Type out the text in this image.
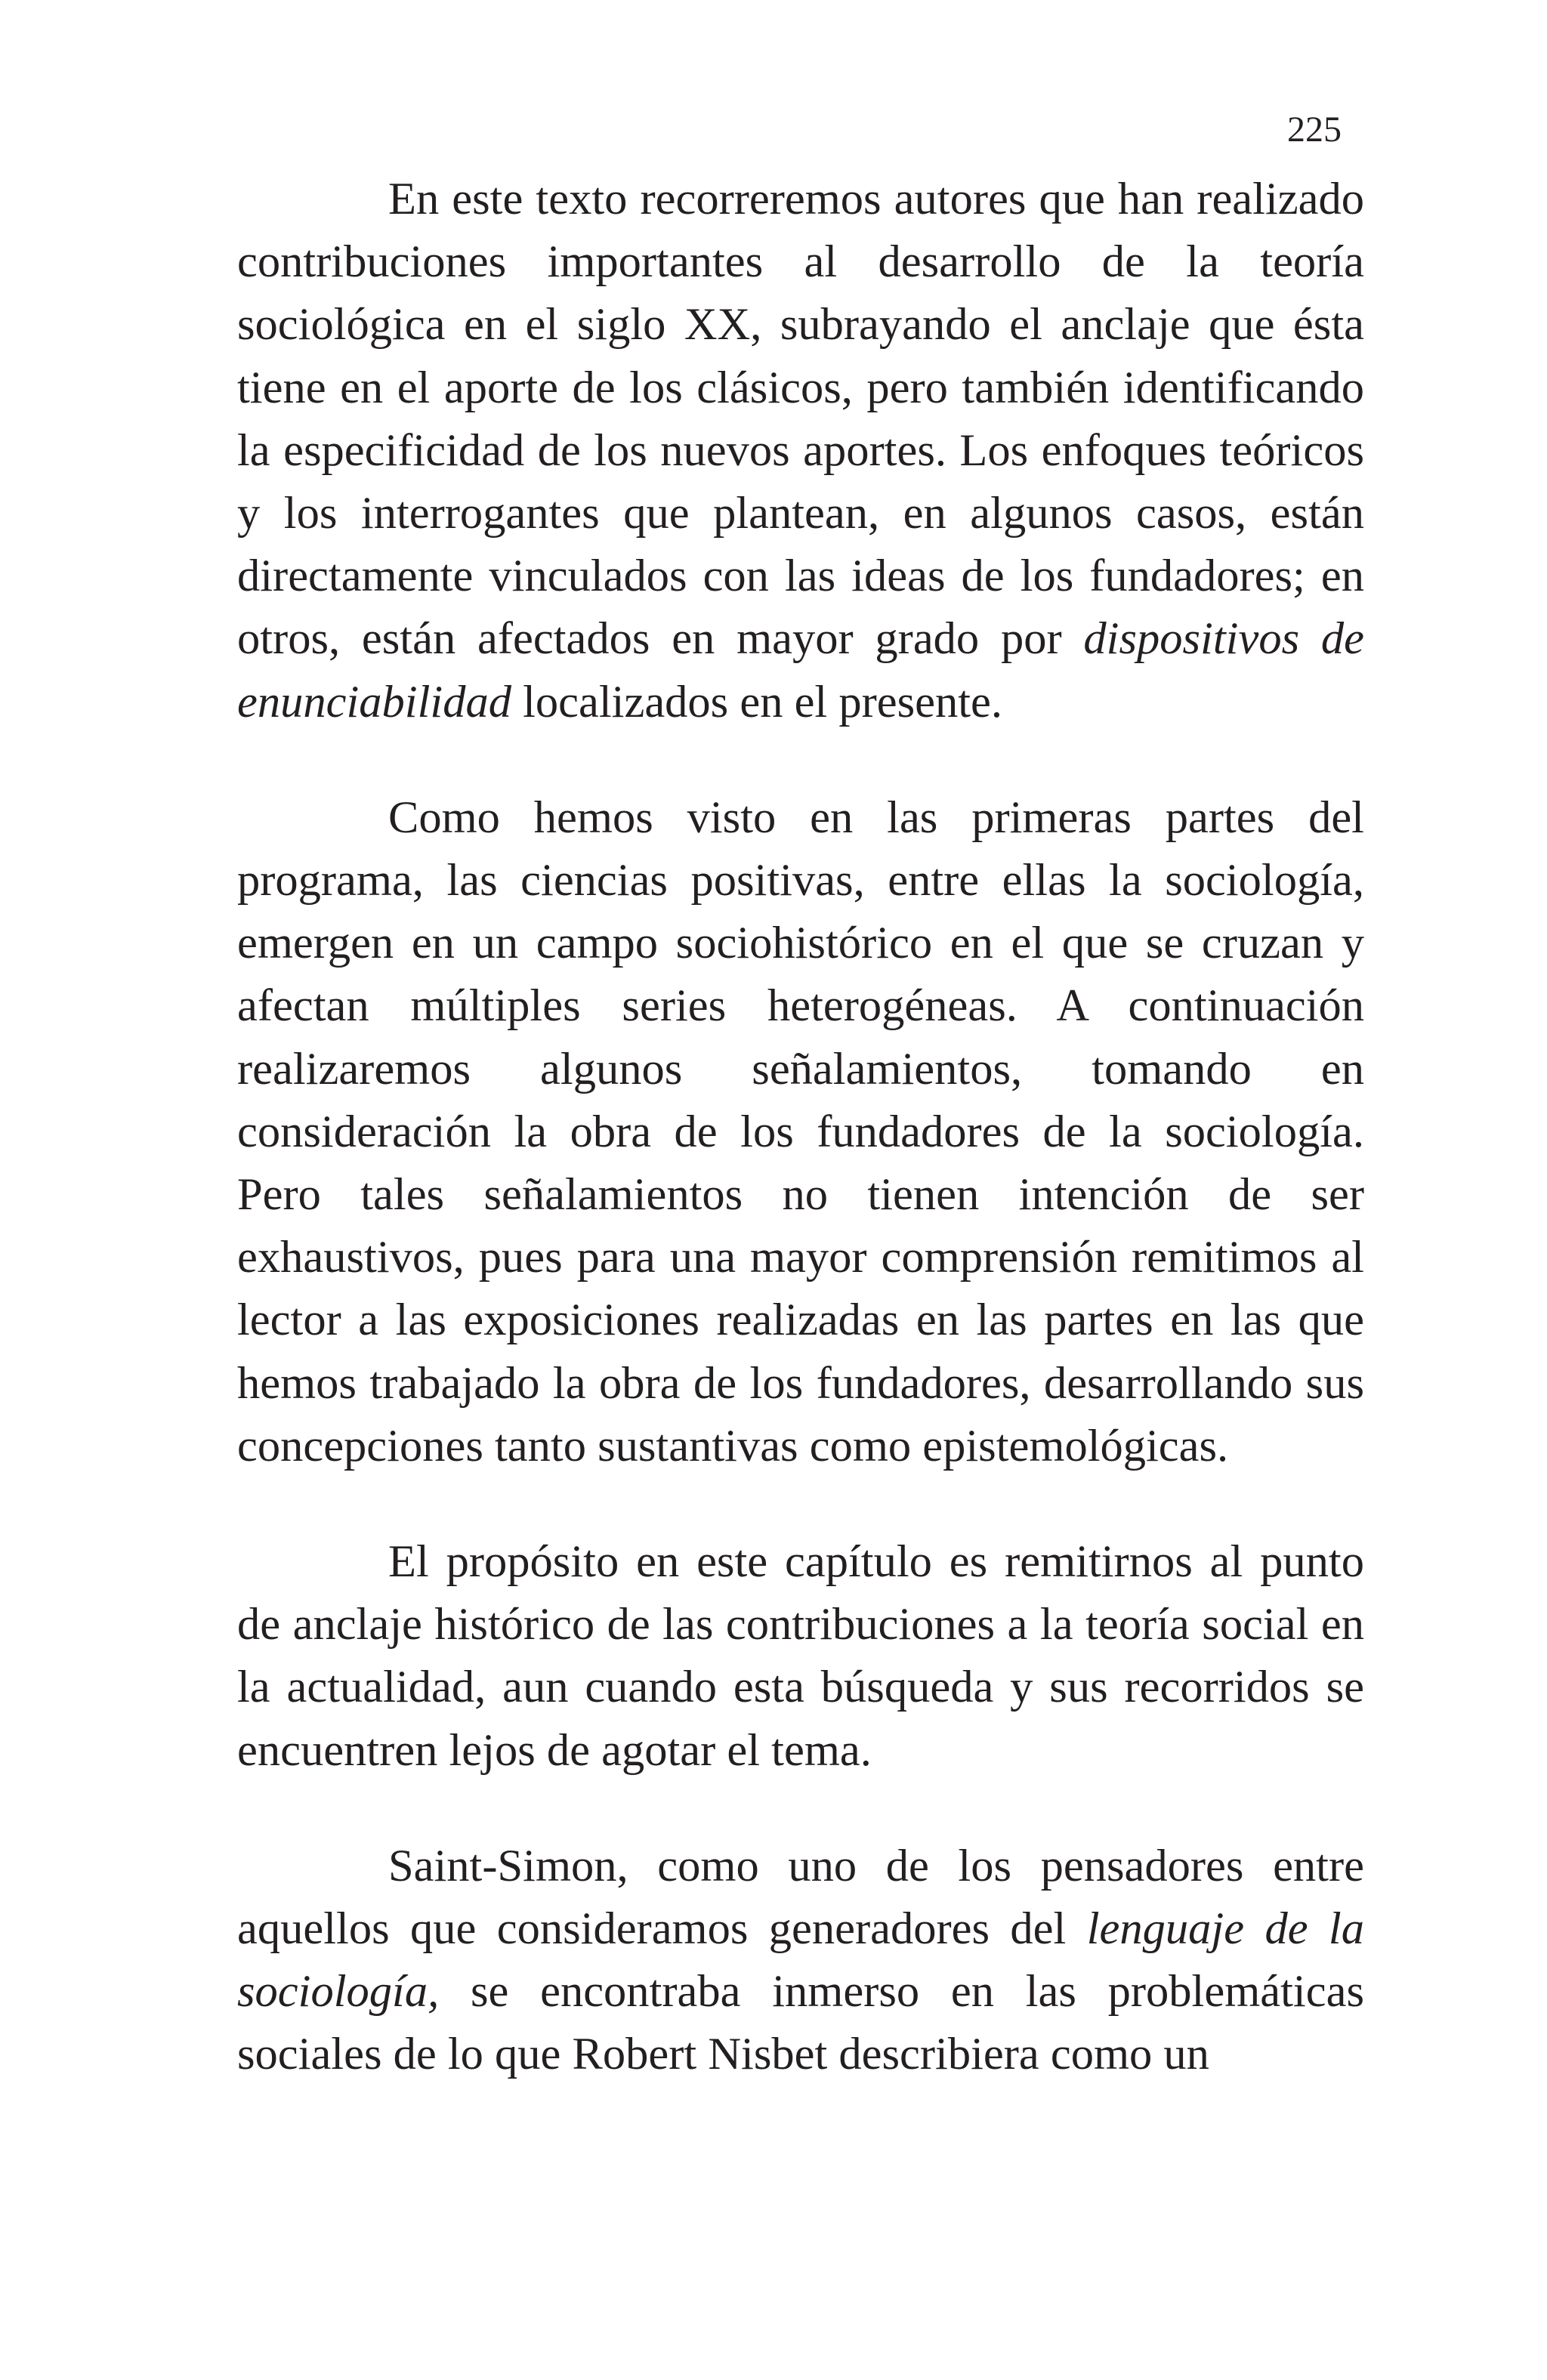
225

En este texto recorreremos autores que han realizado contribuciones importantes al desarrollo de la teoría sociológica en el siglo XX, subrayando el anclaje que ésta tiene en el aporte de los clásicos, pero también identificando la especificidad de los nuevos aportes. Los enfoques teóricos y los interrogantes que plantean, en algunos casos, están directamente vinculados con las ideas de los fundadores; en otros, están afectados en mayor grado por dispositivos de enunciabilidad localizados en el presente.

Como hemos visto en las primeras partes del programa, las ciencias positivas, entre ellas la sociología, emergen en un campo sociohistórico en el que se cruzan y afectan múltiples series heterogéneas. A continuación realizaremos algunos señalamientos, tomando en consideración la obra de los fundadores de la sociología. Pero tales señalamientos no tienen intención de ser exhaustivos, pues para una mayor comprensión remitimos al lector a las exposiciones realizadas en las partes en las que hemos trabajado la obra de los fundadores, desarrollando sus concepciones tanto sustantivas como epistemológicas.

El propósito en este capítulo es remitirnos al punto de anclaje histórico de las contribuciones a la teoría social en la actualidad, aun cuando esta búsqueda y sus recorridos se encuentren lejos de agotar el tema.

Saint-Simon, como uno de los pensadores entre aquellos que consideramos generadores del lenguaje de la sociología, se encontraba inmerso en las problemáticas sociales de lo que Robert Nisbet describiera como un
